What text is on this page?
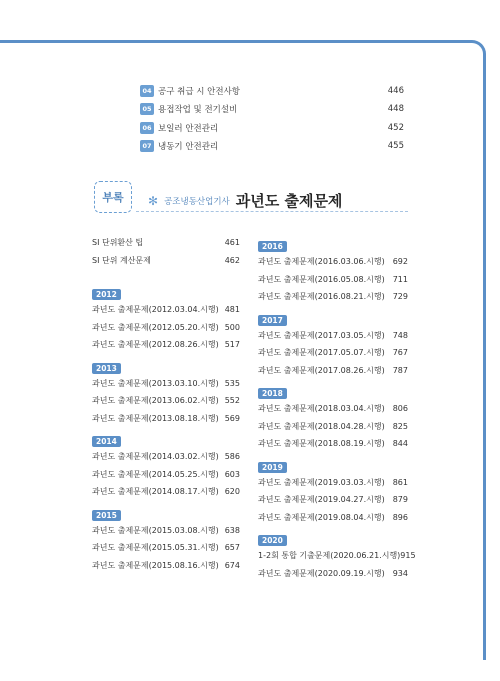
04 공구 취급 시 안전사항	446
05 용접작업 및 전기설비	448
06 보일러 안전관리	452
07 냉동기 안전관리	455
부록	✻ 공조냉동산업기사 과년도 출제문제
SI 단위환산 팁	461
SI 단위 계산문제	462
2012
과년도 출제문제(2012.03.04.시행) 481
과년도 출제문제(2012.05.20.시행) 500
과년도 출제문제(2012.08.26.시행) 517
2013
과년도 출제문제(2013.03.10.시행) 535
과년도 출제문제(2013.06.02.시행) 552
과년도 출제문제(2013.08.18.시행) 569
2014
과년도 출제문제(2014.03.02.시행) 586
과년도 출제문제(2014.05.25.시행) 603
과년도 출제문제(2014.08.17.시행) 620
2015
과년도 출제문제(2015.03.08.시행) 638
과년도 출제문제(2015.05.31.시행) 657
과년도 출제문제(2015.08.16.시행) 674
2016
과년도 출제문제(2016.03.06.시행)	692
과년도 출제문제(2016.05.08.시행)	711
과년도 출제문제(2016.08.21.시행)	729
2017
과년도 출제문제(2017.03.05.시행)	748
과년도 출제문제(2017.05.07.시행)	767
과년도 출제문제(2017.08.26.시행)	787
2018
과년도 출제문제(2018.03.04.시행)	806
과년도 출제문제(2018.04.28.시행)	825
과년도 출제문제(2018.08.19.시행)	844
2019
과년도 출제문제(2019.03.03.시행)	861
과년도 출제문제(2019.04.27.시행)	879
과년도 출제문제(2019.08.04.시행)	896
2020
1-2회 통합 기출문제(2020.06.21.시행) 915
과년도 출제문제(2020.09.19.시행)	934
